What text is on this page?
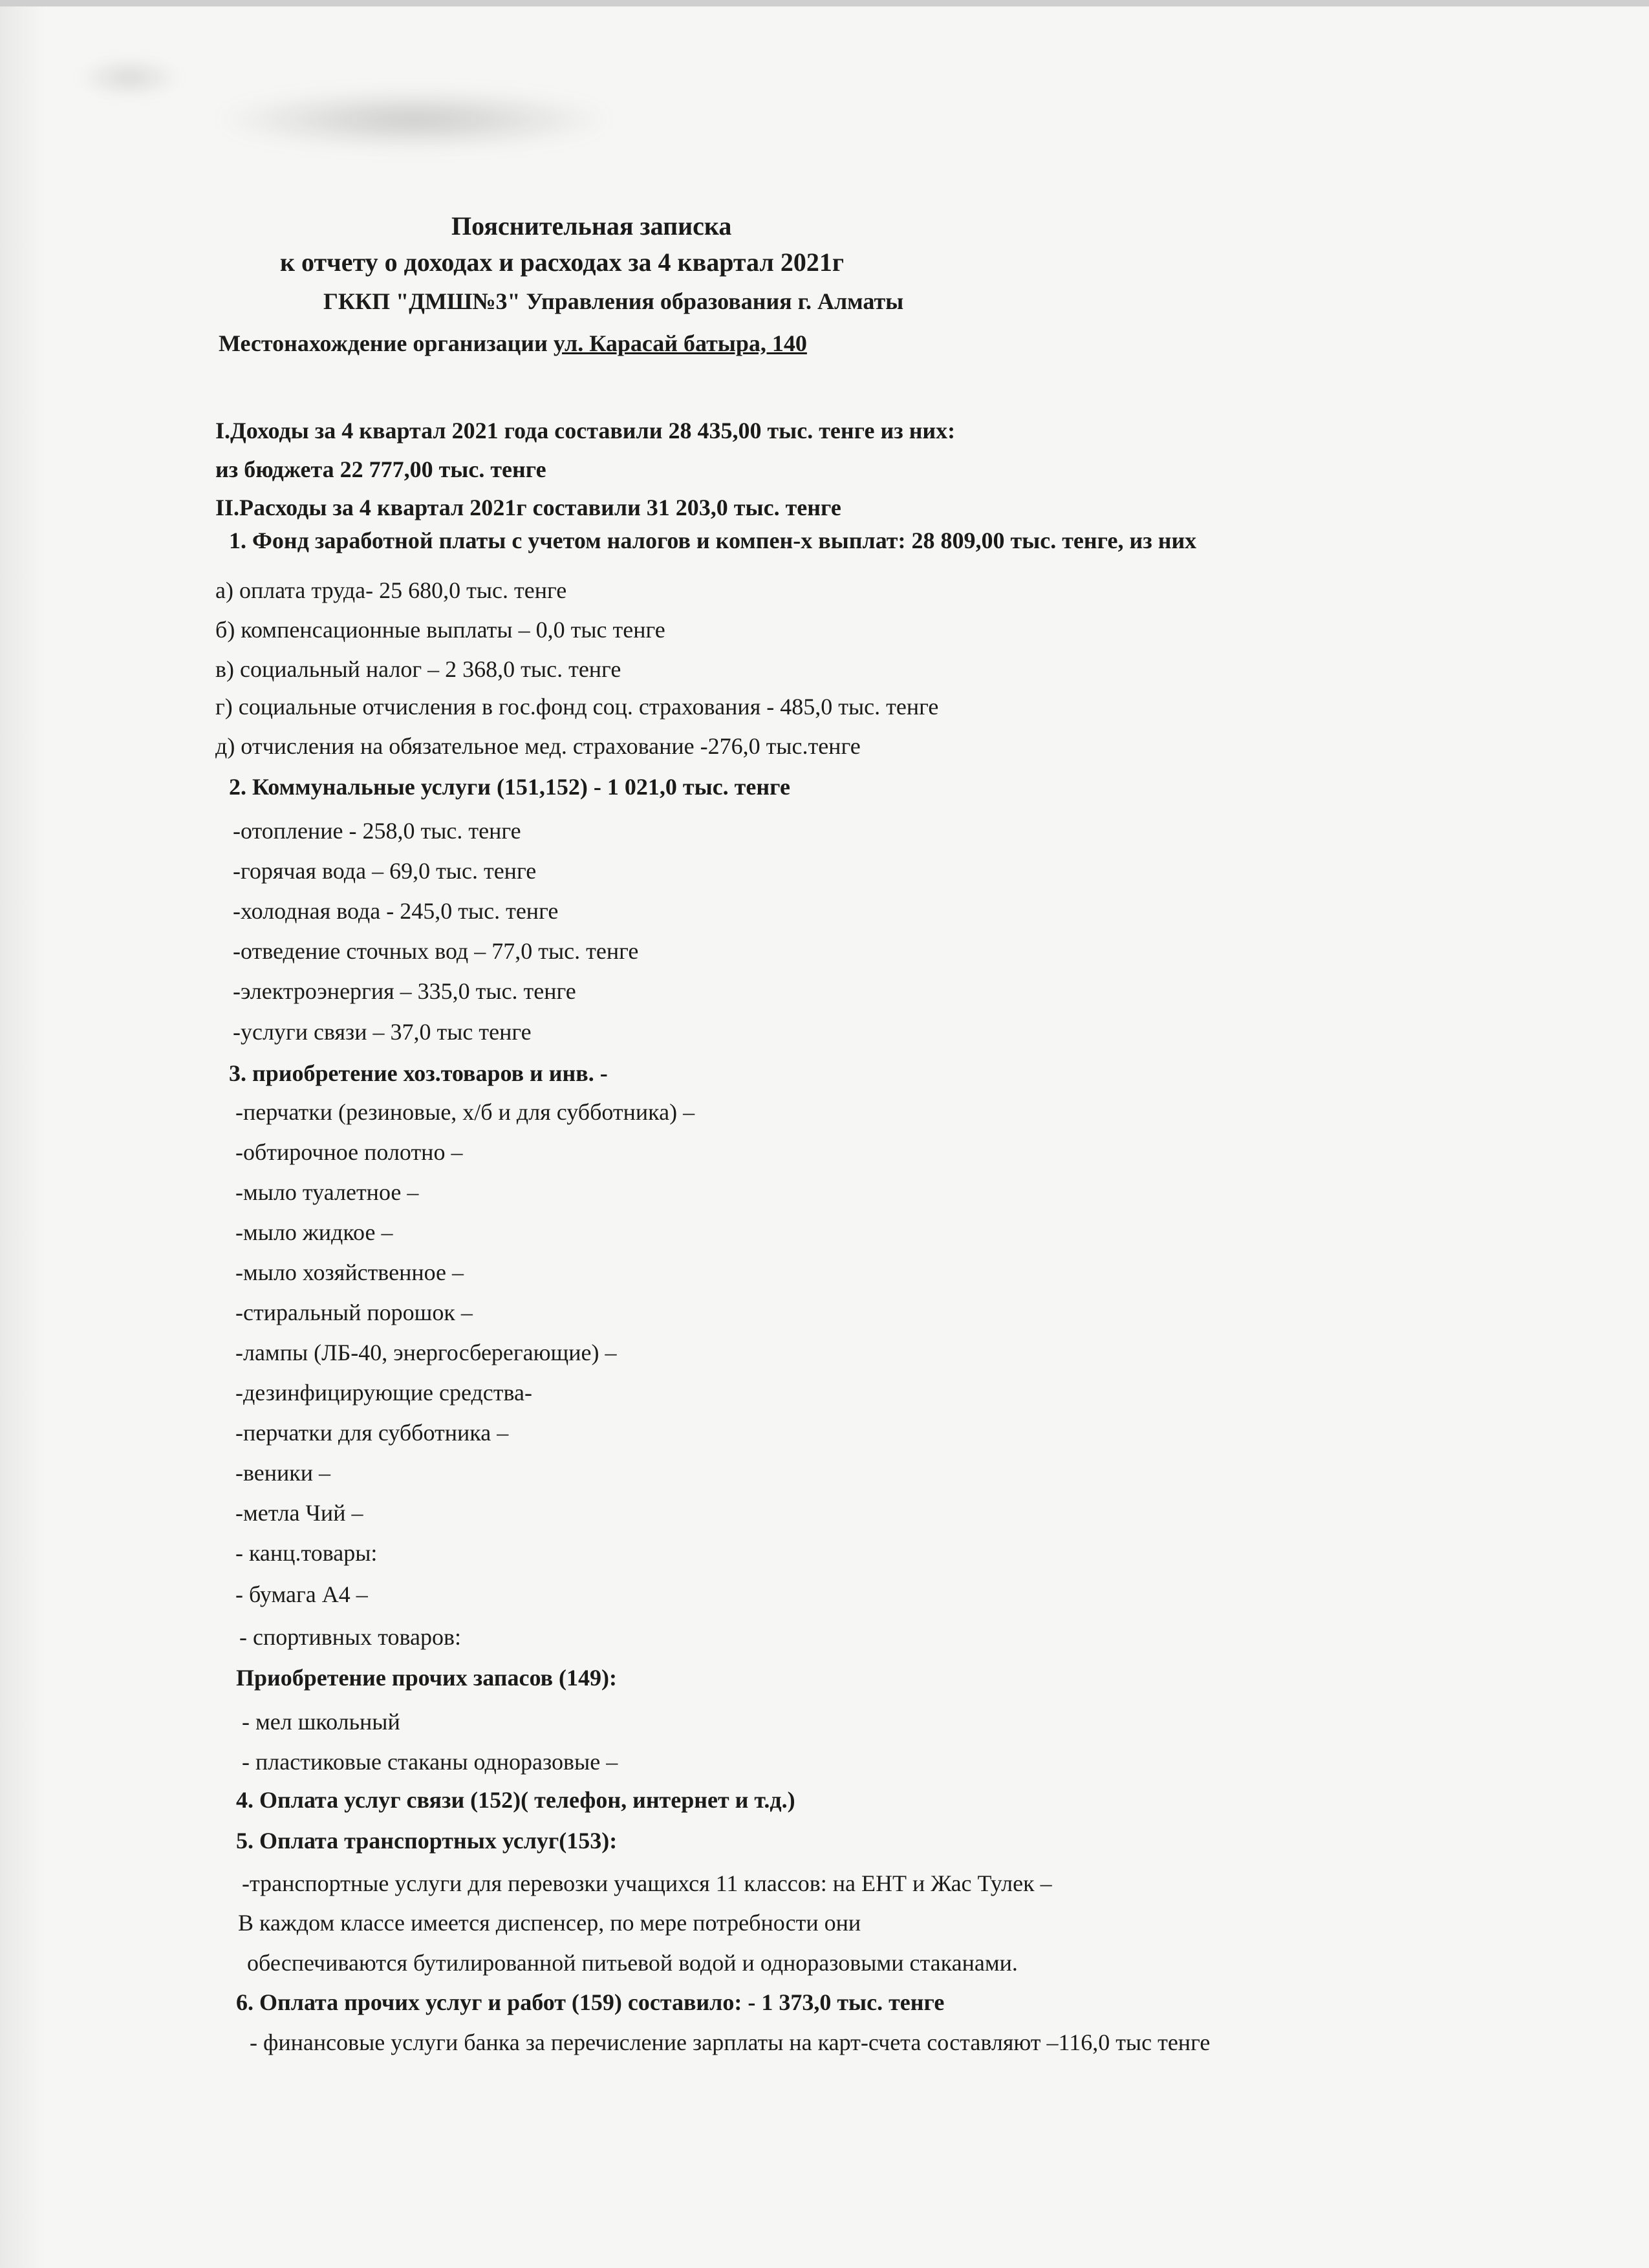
Пояснительная записка
к отчету о доходах и расходах за 4 квартал 2021г
ГККП "ДМШ№3" Управления образования г. Алматы
Местонахождение организации ул. Карасай батыра, 140
I.Доходы за 4 квартал 2021 года составили 28 435,00 тыс. тенге из них:
из бюджета 22 777,00 тыс. тенге
II.Расходы за 4 квартал 2021г составили 31 203,0 тыс. тенге
1. Фонд заработной платы с учетом налогов и компен-х выплат: 28 809,00 тыс. тенге, из них
а) оплата труда- 25 680,0 тыс. тенге
б) компенсационные выплаты – 0,0 тыс тенге
в) социальный налог – 2 368,0 тыс. тенге
г) социальные отчисления в гос.фонд соц. страхования - 485,0 тыс. тенге
д) отчисления на обязательное мед. страхование -276,0 тыс.тенге
2. Коммунальные услуги (151,152) - 1 021,0 тыс. тенге
-отопление - 258,0 тыс. тенге
-горячая вода – 69,0 тыс. тенге
-холодная вода - 245,0 тыс. тенге
-отведение сточных вод – 77,0 тыс. тенге
-электроэнергия – 335,0 тыс. тенге
-услуги связи – 37,0 тыс тенге
3. приобретение хоз.товаров и инв. -
-перчатки (резиновые, х/б и для субботника) –
-обтирочное полотно –
-мыло туалетное –
-мыло жидкое –
-мыло хозяйственное –
-стиральный порошок –
-лампы (ЛБ-40, энергосберегающие) –
-дезинфицирующие средства-
-перчатки для субботника –
-веники –
-метла Чий –
- канц.товары:
- бумага А4 –
- спортивных товаров:
Приобретение прочих запасов (149):
- мел школьный
- пластиковые стаканы одноразовые –
4. Оплата услуг связи (152)( телефон, интернет и т.д.)
5. Оплата транспортных услуг(153):
-транспортные услуги для перевозки учащихся 11 классов: на ЕНТ и Жас Тулек –
В каждом классе имеется диспенсер, по мере потребности они
обеспечиваются бутилированной питьевой водой и одноразовыми стаканами.
6. Оплата прочих услуг и работ (159) составило: - 1 373,0 тыс. тенге
- финансовые услуги банка за перечисление зарплаты на карт-счета составляют –116,0 тыс тенге
